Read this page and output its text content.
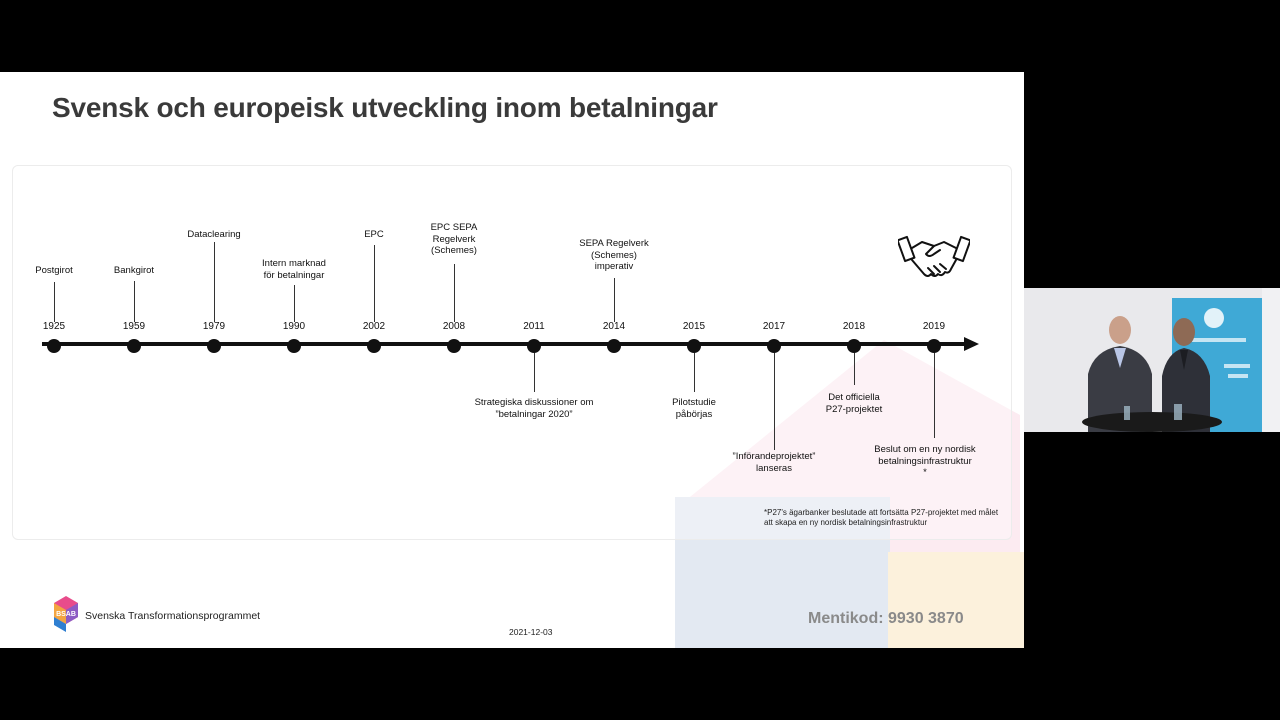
Svensk och europeisk utveckling inom betalningar
1925
Postgirot
1959
Bankgirot
1979
Dataclearing
1990
Intern marknad
för betalningar
2002
EPC
2008
EPC SEPA
Regelverk
(Schemes)
2011
Strategiska diskussioner om
”betalningar 2020”
2014
SEPA Regelverk
(Schemes)
imperativ
2015
Pilotstudie
påbörjas
2017
”Införandeprojektet”
lanseras
2018
Det officiella
P27-projektet
2019
Beslut om en ny nordisk
betalningsinfrastruktur
*
*P27's ägarbanker beslutade att fortsätta P27-projektet med målet att skapa en ny nordisk betalningsinfrastruktur
BSAB Svenska Transformationsprogrammet
2021-12-03
Mentikod: 9930 3870
